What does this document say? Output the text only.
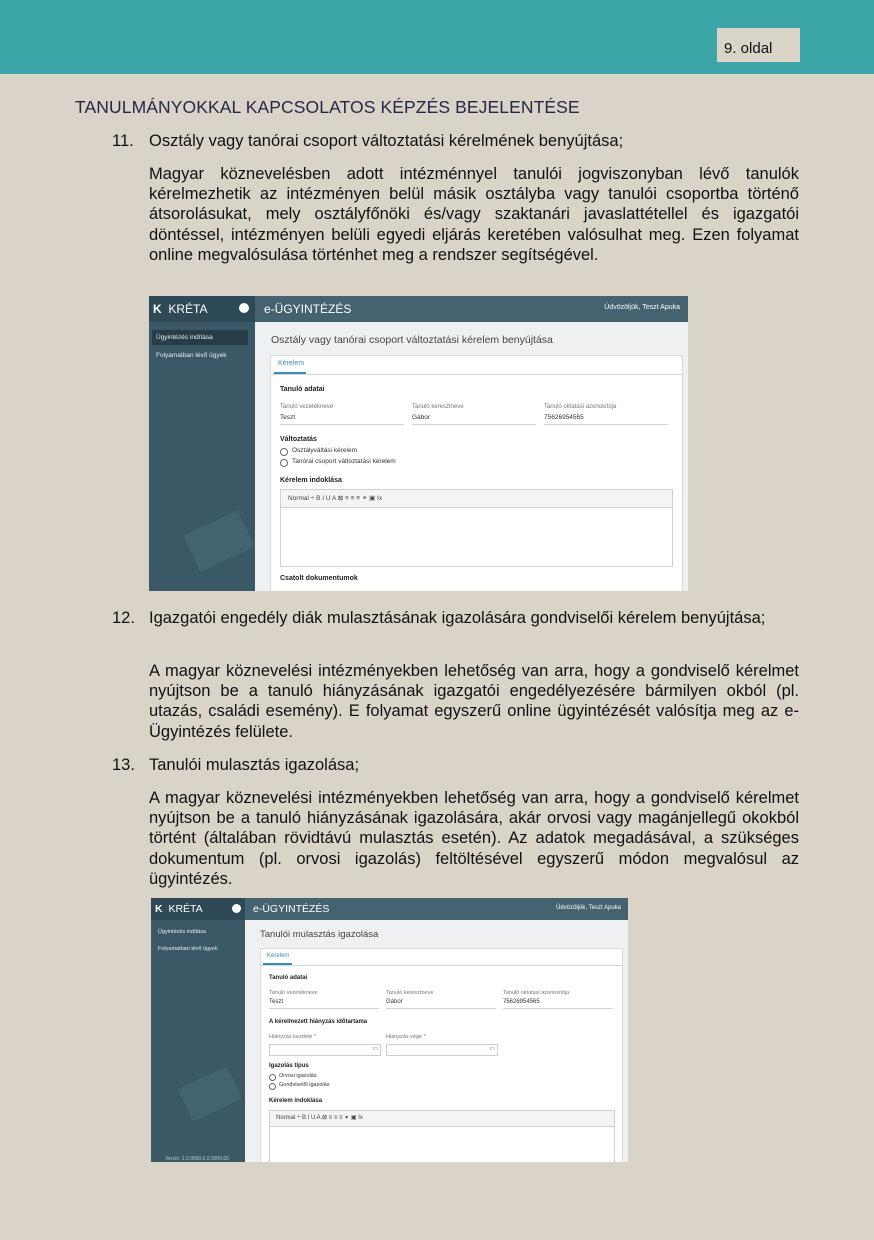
9. oldal
TANULMÁNYOKKAL KAPCSOLATOS KÉPZÉS BEJELENTÉSE
11. Osztály vagy tanórai csoport változtatási kérelmének benyújtása;
Magyar köznevelésben adott intézménnyel tanulói jogviszonyban lévő tanulók kérelmezhetik az intézményen belül másik osztályba vagy tanulói csoportba történő átsorolásukat, mely osztályfőnöki és/vagy szaktanári javaslattétellel és igazgatói döntéssel, intézményen belüli egyedi eljárás keretében valósulhat meg. Ezen folyamat online megvalósulása történhet meg a rendszer segítségével.
K KRÉTA	e-ÜGYINTÉZÉS	Üdvözöljük, Teszt Apuka
Ügyintézés indítása
Folyamatban lévő ügyek
Osztály vagy tanórai csoport változtatási kérelem benyújtása
Kérelem
Tanuló adatai
Tanuló vezetékneve
Teszt
Tanuló keresztneve
Gábor
Tanuló oktatási azonosítója
75626954565
Változtatás
Osztályváltási kérelem
Tanórai csoport változtatási kérelem
Kérelem indoklása
Normal ÷ B I U A ⊠ ≡ ≡ ≡ ⚭ ▣ Ix
Csatolt dokumentumok
12. Igazgatói engedély diák mulasztásának igazolására gondviselői kérelem benyújtása;
A magyar köznevelési intézményekben lehetőség van arra, hogy a gondviselő kérelmet nyújtson be a tanuló hiányzásának igazgatói engedélyezésére bármilyen okból (pl. utazás, családi esemény). E folyamat egyszerű online ügyintézését valósítja meg az e-Ügyintézés felülete.
13. Tanulói mulasztás igazolása;
A magyar köznevelési intézményekben lehetőség van arra, hogy a gondviselő kérelmet nyújtson be a tanuló hiányzásának igazolására, akár orvosi vagy magánjellegű okokból történt (általában rövidtávú mulasztás esetén). Az adatok megadásával, a szükséges dokumentum (pl. orvosi igazolás) feltöltésével egyszerű módon megvalósul az ügyintézés.
K KRÉTA	e-ÜGYINTÉZÉS	Üdvözöljük, Teszt Apuka
Ügyintézés indítása
Folyamatban lévő ügyek
Verzió: 1.0.0000.0.0.0000.00
Tanulói mulasztás igazolása
Kérelem
Tanuló adatai
Tanuló vezetékneve
Teszt
Tanuló keresztneve
Gábor
Tanuló oktatási azonosítója
75626954565
A kérelmezett hiányzás időtartama
Hiányzás kezdete *
▭
Hiányzás vége *
▭
Igazolás típus
Orvosi igazolás
Gondviselői igazolás
Kérelem indoklása
Normal ÷ B I U A ⊠ ≡ ≡ ≡ ⚭ ▣ Ix
